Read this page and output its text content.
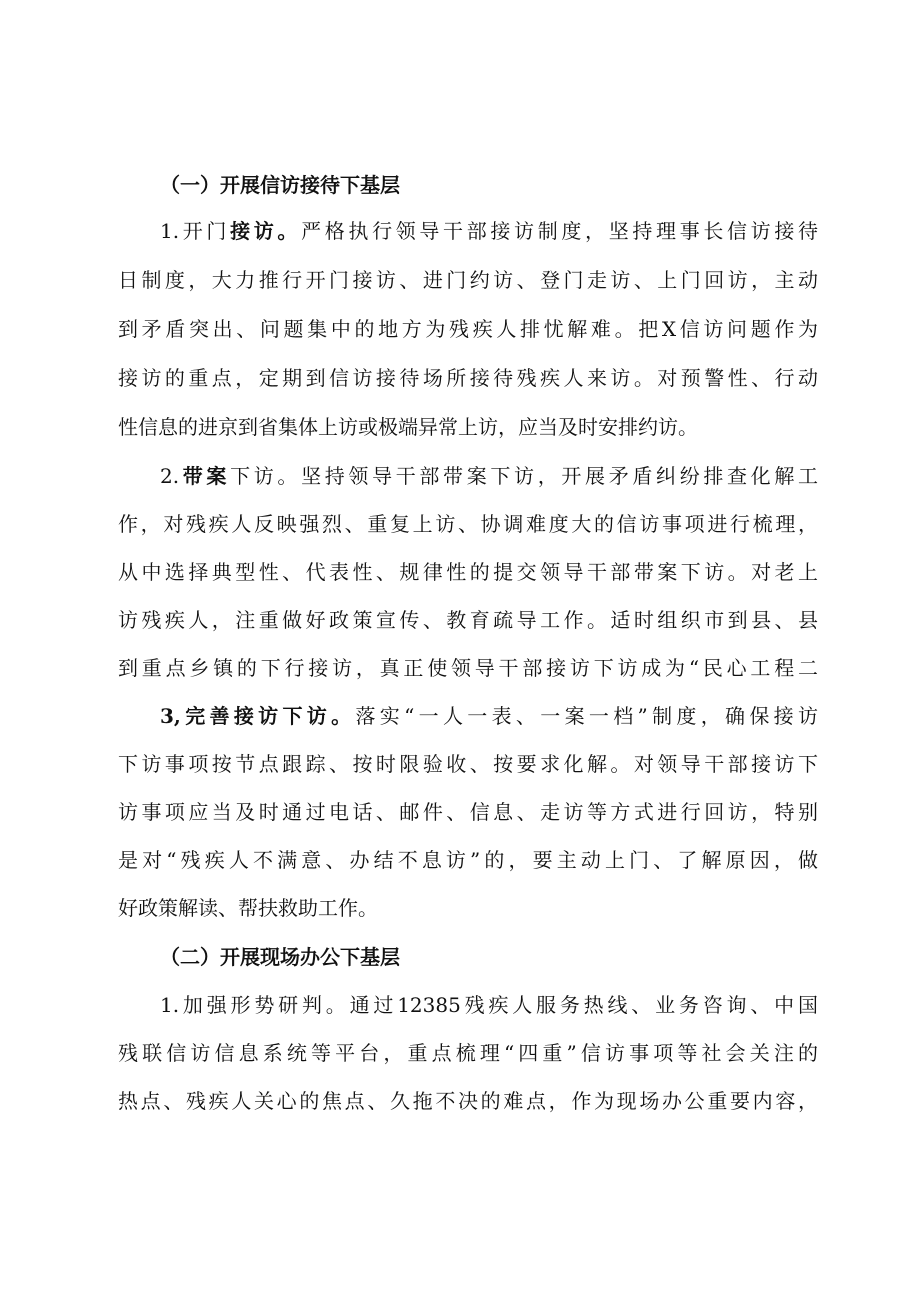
（一）开展信访接待下基层
1.开门接访。严格执行领导干部接访制度，坚持理事长信访接待
日制度，大力推行开门接访、进门约访、登门走访、上门回访，主动
到矛盾突出、问题集中的地方为残疾人排忧解难。把X信访问题作为
接访的重点，定期到信访接待场所接待残疾人来访。对预警性、行动
性信息的进京到省集体上访或极端异常上访，应当及时安排约访。
2.带案下访。坚持领导干部带案下访，开展矛盾纠纷排查化解工
作，对残疾人反映强烈、重复上访、协调难度大的信访事项进行梳理，
从中选择典型性、代表性、规律性的提交领导干部带案下访。对老上
访残疾人，注重做好政策宣传、教育疏导工作。适时组织市到县、县
到重点乡镇的下行接访，真正使领导干部接访下访成为“民心工程二
3,完善接访下访。落实“一人一表、一案一档”制度，确保接访
下访事项按节点跟踪、按时限验收、按要求化解。对领导干部接访下
访事项应当及时通过电话、邮件、信息、走访等方式进行回访，特别
是对“残疾人不满意、办结不息访”的，要主动上门、了解原因，做
好政策解读、帮扶救助工作。
（二）开展现场办公下基层
1.加强形势研判。通过12385残疾人服务热线、业务咨询、中国
残联信访信息系统等平台，重点梳理“四重”信访事项等社会关注的
热点、残疾人关心的焦点、久拖不决的难点，作为现场办公重要内容，
